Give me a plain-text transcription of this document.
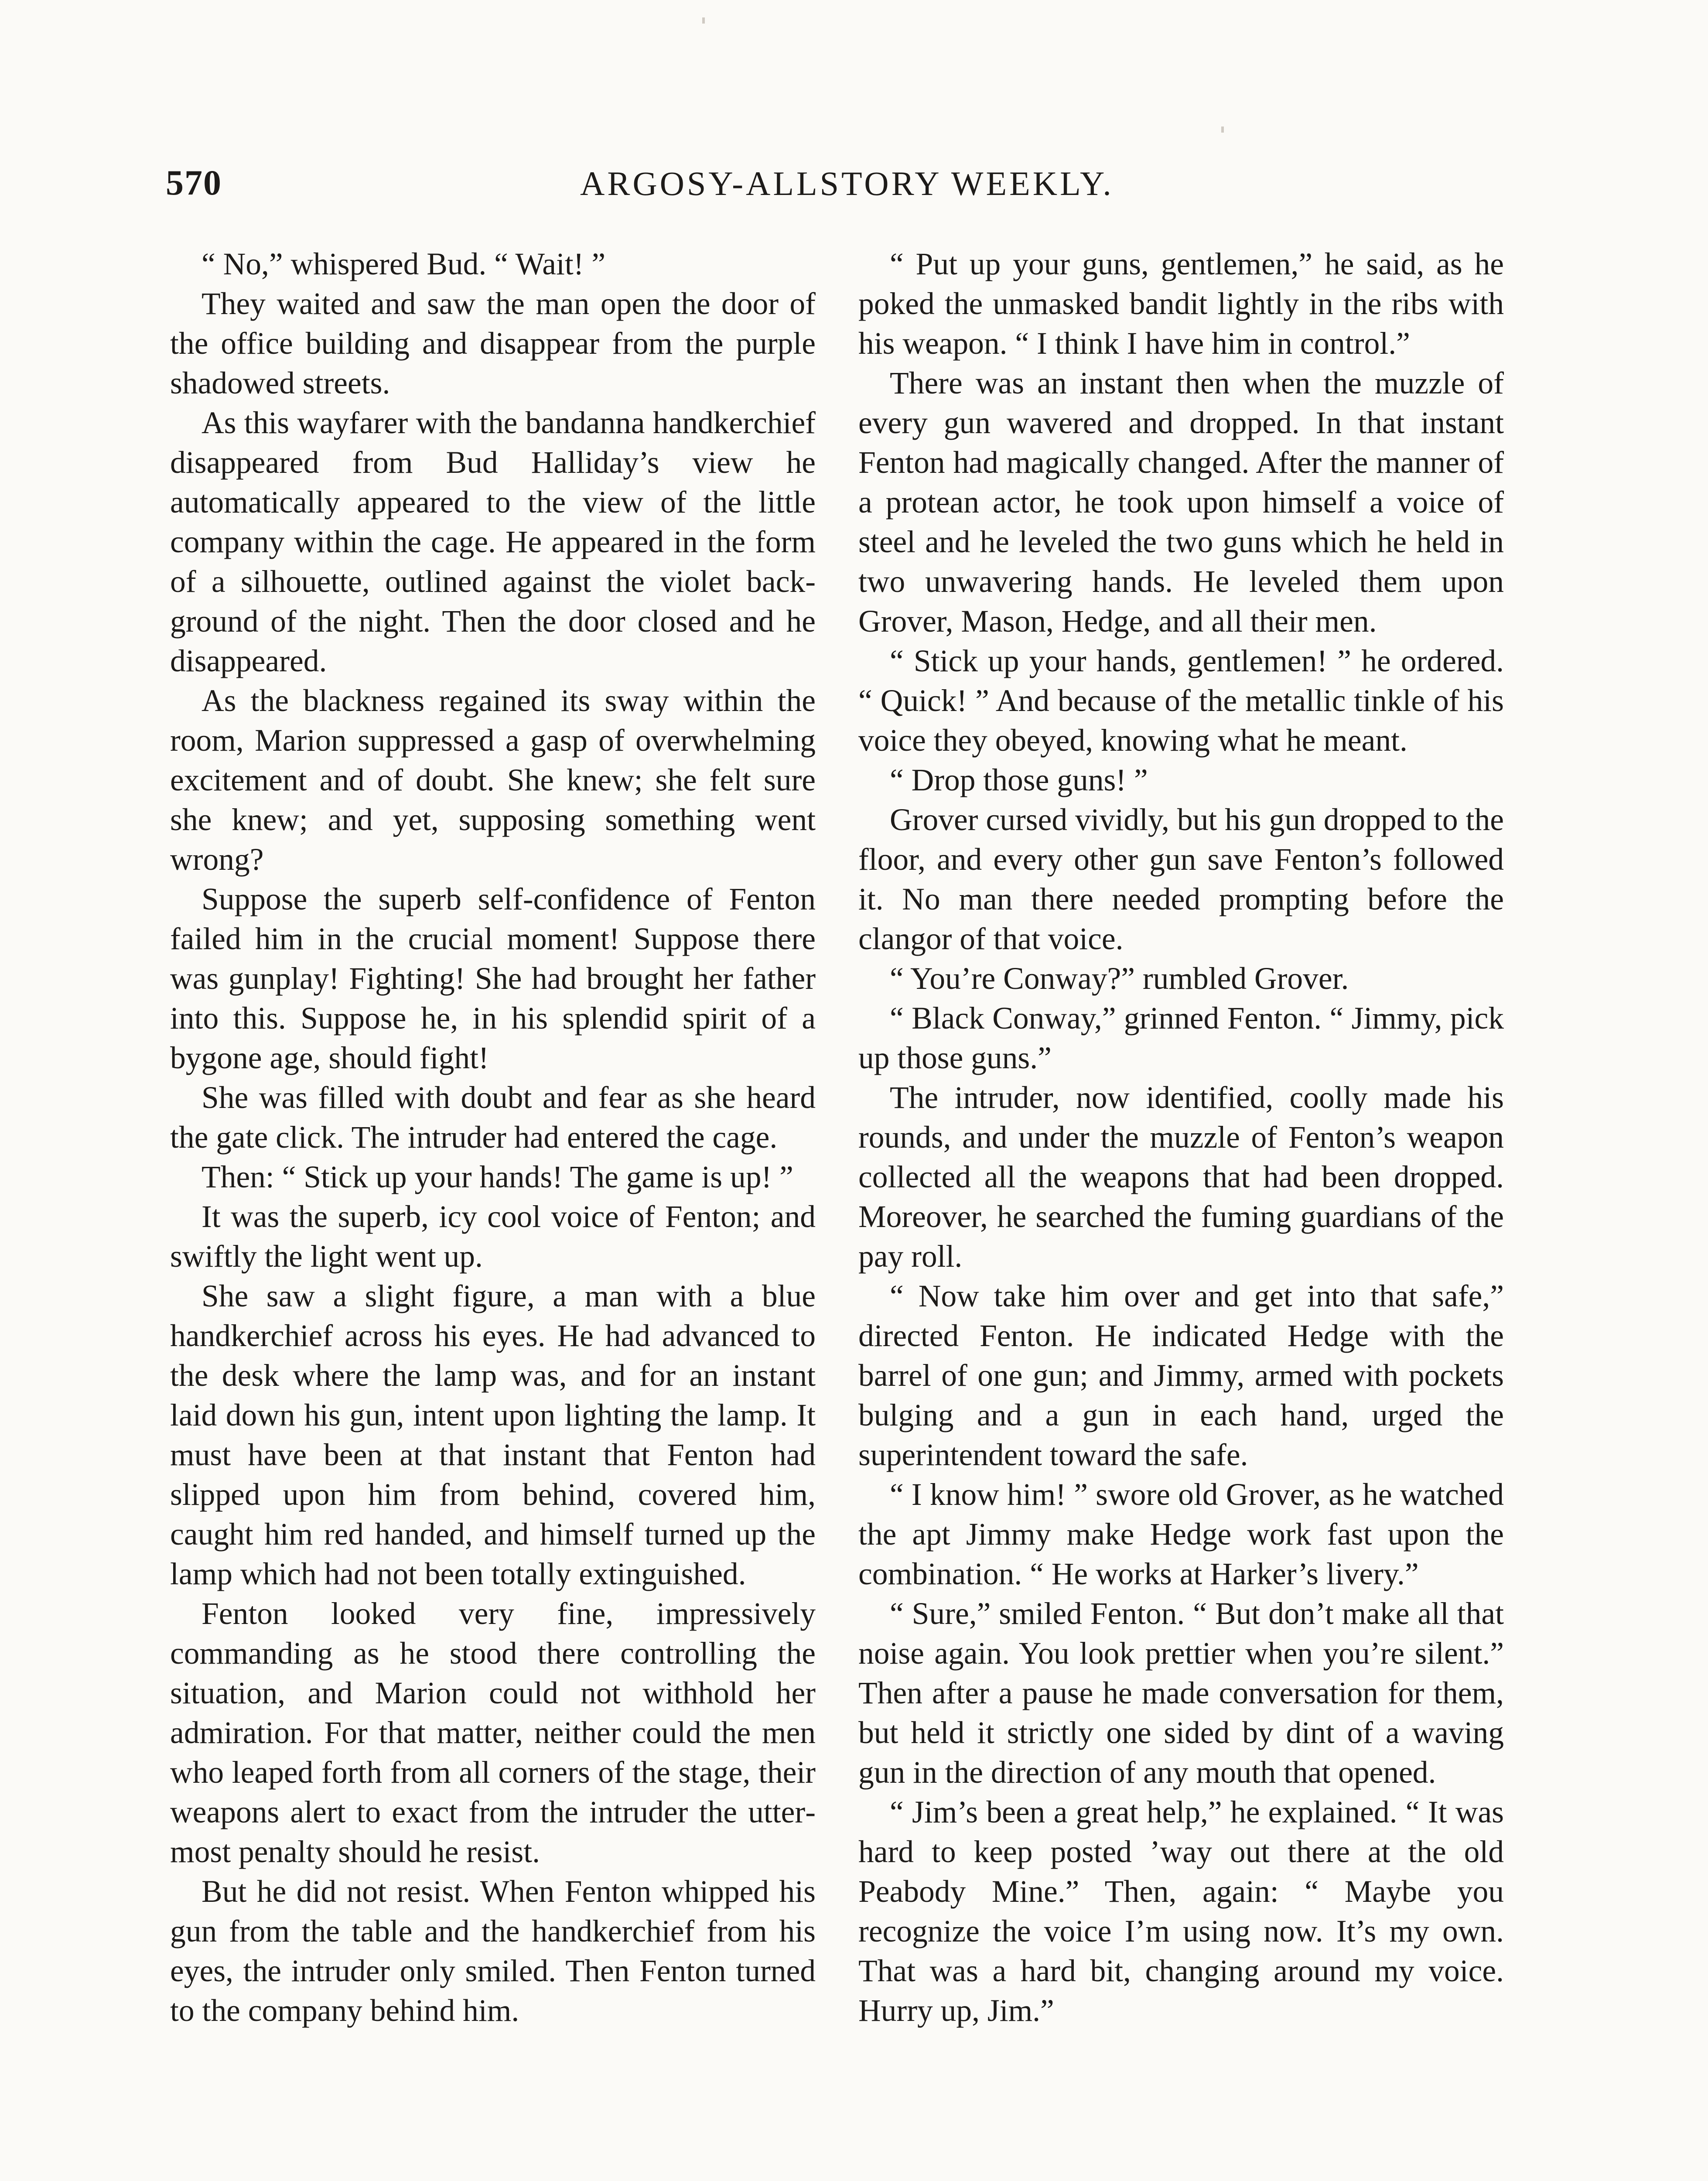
570	ARGOSY-ALLSTORY WEEKLY.

“ No,” whispered Bud. “ Wait! ”

They waited and saw the man open the door of the office building and disappear from the purple shadowed streets.

As this wayfarer with the bandanna handkerchief disappeared from Bud Halliday’s view he automatically appeared to the view of the little company within the cage. He appeared in the form of a silhouette, outlined against the violet background of the night. Then the door closed and he disappeared.

As the blackness regained its sway within the room, Marion suppressed a gasp of overwhelming excitement and of doubt. She knew; she felt sure she knew; and yet, supposing something went wrong?

Suppose the superb self-confidence of Fenton failed him in the crucial moment! Suppose there was gunplay! Fighting! She had brought her father into this. Suppose he, in his splendid spirit of a bygone age, should fight!

She was filled with doubt and fear as she heard the gate click. The intruder had entered the cage.

Then: “ Stick up your hands! The game is up! ”

It was the superb, icy cool voice of Fenton; and swiftly the light went up.

She saw a slight figure, a man with a blue handkerchief across his eyes. He had advanced to the desk where the lamp was, and for an instant laid down his gun, intent upon lighting the lamp. It must have been at that instant that Fenton had slipped upon him from behind, covered him, caught him red handed, and himself turned up the lamp which had not been totally extinguished.

Fenton looked very fine, impressively commanding as he stood there controlling the situation, and Marion could not withhold her admiration. For that matter, neither could the men who leaped forth from all corners of the stage, their weapons alert to exact from the intruder the uttermost penalty should he resist.

But he did not resist. When Fenton whipped his gun from the table and the handkerchief from his eyes, the intruder only smiled. Then Fenton turned to the company behind him.

“ Put up your guns, gentlemen,” he said, as he poked the unmasked bandit lightly in the ribs with his weapon. “ I think I have him in control.”

There was an instant then when the muzzle of every gun wavered and dropped. In that instant Fenton had magically changed. After the manner of a protean actor, he took upon himself a voice of steel and he leveled the two guns which he held in two unwavering hands. He leveled them upon Grover, Mason, Hedge, and all their men.

“ Stick up your hands, gentlemen! ” he ordered. “ Quick! ” And because of the metallic tinkle of his voice they obeyed, knowing what he meant.

“ Drop those guns! ”

Grover cursed vividly, but his gun dropped to the floor, and every other gun save Fenton’s followed it. No man there needed prompting before the clangor of that voice.

“ You’re Conway?” rumbled Grover.

“ Black Conway,” grinned Fenton. “ Jimmy, pick up those guns.”

The intruder, now identified, coolly made his rounds, and under the muzzle of Fenton’s weapon collected all the weapons that had been dropped. Moreover, he searched the fuming guardians of the pay roll.

“ Now take him over and get into that safe,” directed Fenton. He indicated Hedge with the barrel of one gun; and Jimmy, armed with pockets bulging and a gun in each hand, urged the superintendent toward the safe.

“ I know him! ” swore old Grover, as he watched the apt Jimmy make Hedge work fast upon the combination. “ He works at Harker’s livery.”

“ Sure,” smiled Fenton. “ But don’t make all that noise again. You look prettier when you’re silent.” Then after a pause he made conversation for them, but held it strictly one sided by dint of a waving gun in the direction of any mouth that opened.

“ Jim’s been a great help,” he explained. “ It was hard to keep posted ’way out there at the old Peabody Mine.” Then, again: “ Maybe you recognize the voice I’m using now. It’s my own. That was a hard bit, changing around my voice. Hurry up, Jim.”
